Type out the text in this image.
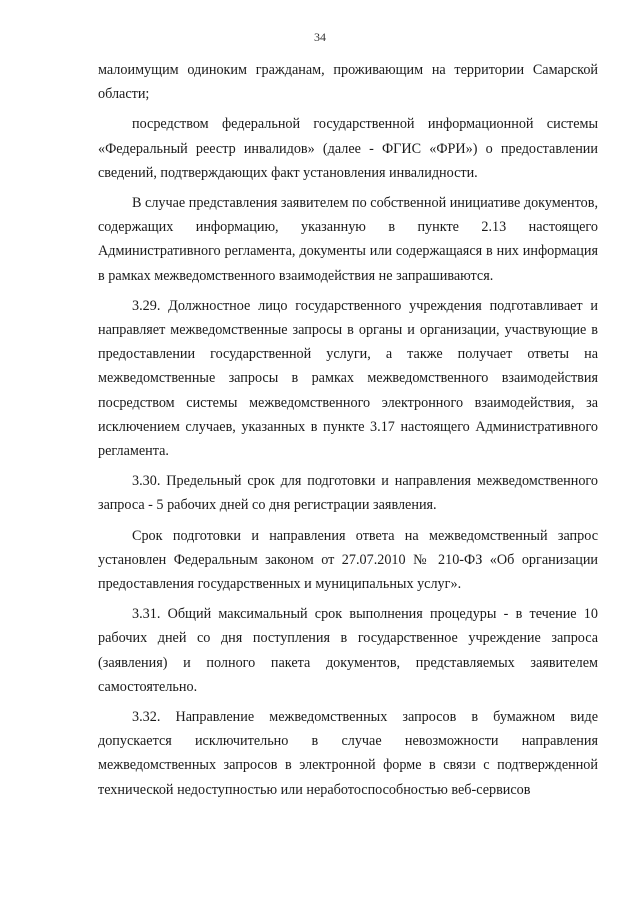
34

малоимущим одиноким гражданам, проживающим на территории Самарской области;

посредством федеральной государственной информационной системы «Федеральный реестр инвалидов» (далее - ФГИС «ФРИ») о предоставлении сведений, подтверждающих факт установления инвалидности.

В случае представления заявителем по собственной инициативе документов, содержащих информацию, указанную в пункте 2.13 настоящего Административного регламента, документы или содержащаяся в них информация в рамках межведомственного взаимодействия не запрашиваются.

3.29. Должностное лицо государственного учреждения подготавливает и направляет межведомственные запросы в органы и организации, участвующие в предоставлении государственной услуги, а также получает ответы на межведомственные запросы в рамках межведомственного взаимодействия посредством системы межведомственного электронного взаимодействия, за исключением случаев, указанных в пункте 3.17 настоящего Административного регламента.

3.30. Предельный срок для подготовки и направления межведомственного запроса - 5 рабочих дней со дня регистрации заявления.

Срок подготовки и направления ответа на межведомственный запрос установлен Федеральным законом от 27.07.2010 № 210-ФЗ «Об организации предоставления государственных и муниципальных услуг».

3.31. Общий максимальный срок выполнения процедуры - в течение 10 рабочих дней со дня поступления в государственное учреждение запроса (заявления) и полного пакета документов, представляемых заявителем самостоятельно.

3.32. Направление межведомственных запросов в бумажном виде допускается исключительно в случае невозможности направления межведомственных запросов в электронной форме в связи с подтвержденной технической недоступностью или неработоспособностью веб-сервисов
